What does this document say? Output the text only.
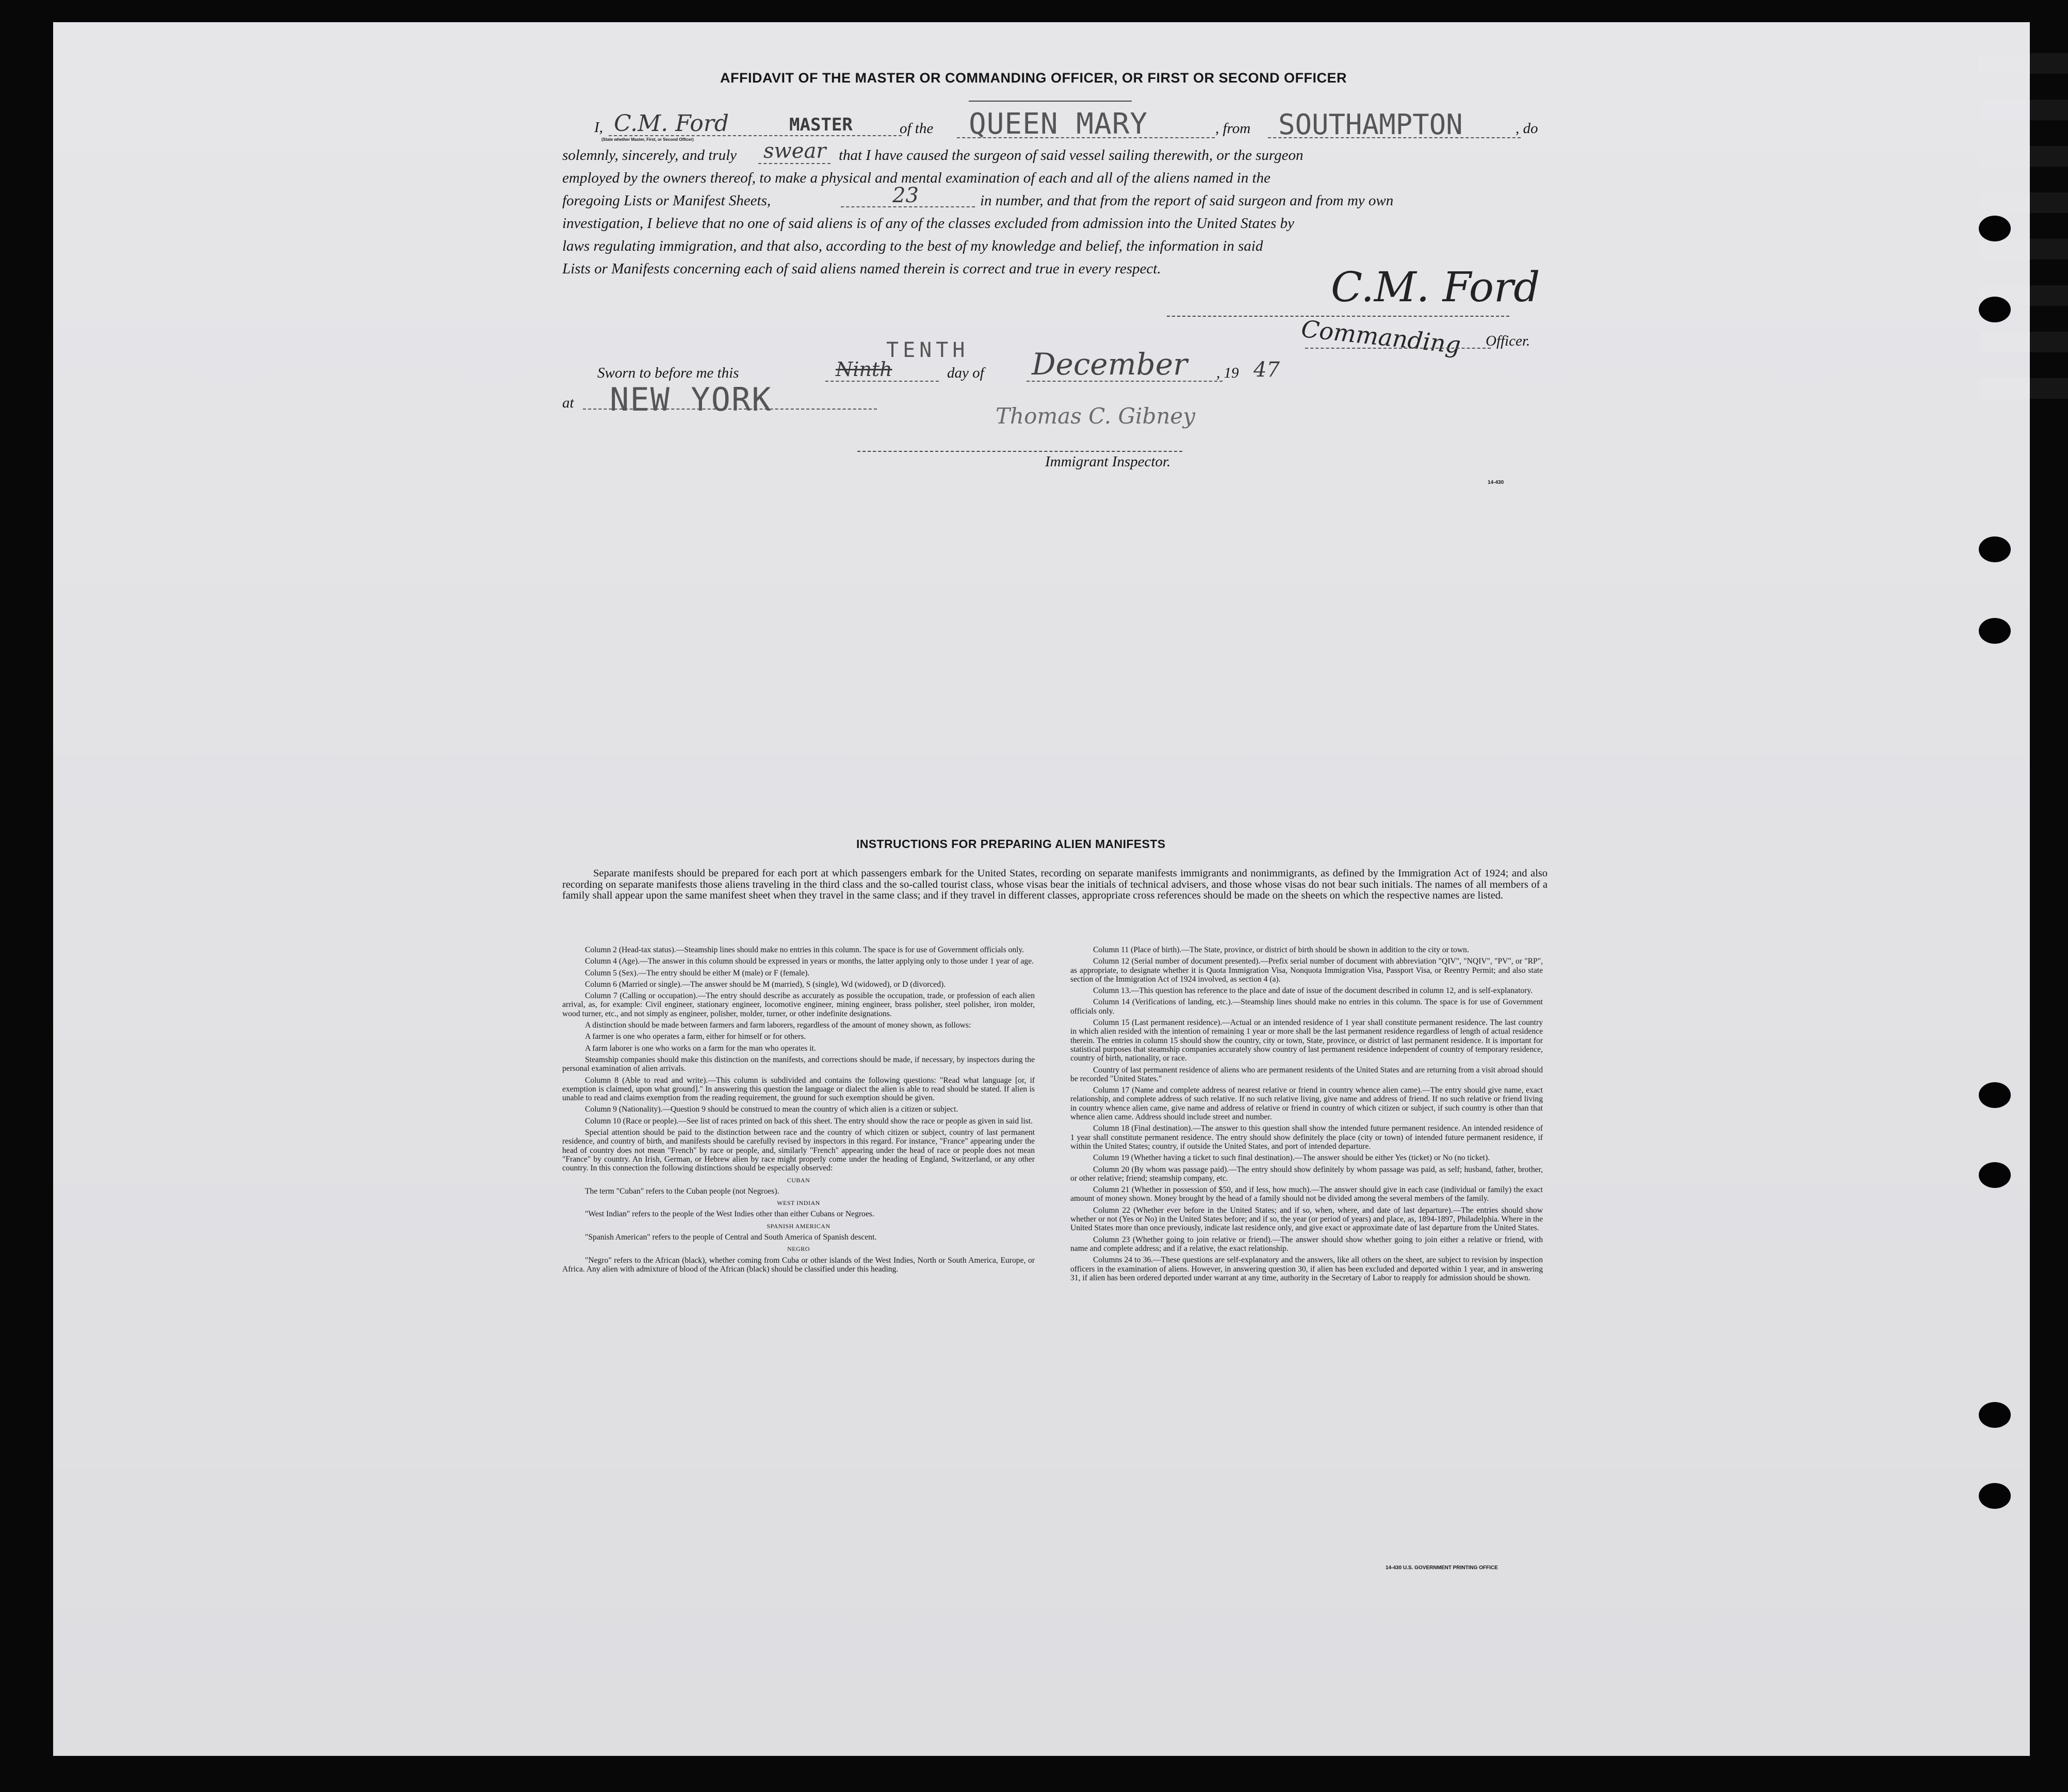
AFFIDAVIT OF THE MASTER OR COMMANDING OFFICER, OR FIRST OR SECOND OFFICER
I, C.M. Ford	MASTER
(State whether Master, First, or Second Officer)
of the QUEEN MARY	, from SOUTHAMPTON	, do
solemnly, sincerely, and truly swear that I have caused the surgeon of said vessel sailing therewith, or the surgeon
employed by the owners thereof, to make a physical and mental examination of each and all of the aliens named in the
foregoing Lists or Manifest Sheets,	23	in number, and that from the report of said surgeon and from my own
investigation, I believe that no one of said aliens is of any of the classes excluded from admission into the United States by
laws regulating immigration, and that also, according to the best of my knowledge and belief, the information in said
Lists or Manifests concerning each of said aliens named therein is correct and true in every respect.	C.M. Ford
Commanding Officer.
Sworn to before me this	Ninth
TENTH
day of December , 19 47
at NEW YORK	Thomas C. Gibney
Immigrant Inspector.
14-430
INSTRUCTIONS FOR PREPARING ALIEN MANIFESTS
Separate manifests should be prepared for each port at which passengers embark for the United States, recording on separate manifests immigrants and nonimmigrants, as defined by the Immigration Act of 1924; and also recording on separate manifests those aliens traveling in the third class and the so-called tourist class, whose visas bear the initials of technical advisers, and those whose visas do not bear such initials. The names of all members of a family shall appear upon the same manifest sheet when they travel in the same class; and if they travel in different classes, appropriate cross references should be made on the sheets on which the respective names are listed.

Column 2 (Head-tax status).—Steamship lines should make no entries in this column. The space is for use of Government officials only.

Column 4 (Age).—The answer in this column should be expressed in years or months, the latter applying only to those under 1 year of age.

Column 5 (Sex).—The entry should be either M (male) or F (female).

Column 6 (Married or single).—The answer should be M (married), S (single), Wd (widowed), or D (divorced).

Column 7 (Calling or occupation).—The entry should describe as accurately as possible the occupation, trade, or profession of each alien arrival, as, for example: Civil engineer, stationary engineer, locomotive engineer, mining engineer, brass polisher, steel polisher, iron molder, wood turner, etc., and not simply as engineer, polisher, molder, turner, or other indefinite designations.

A distinction should be made between farmers and farm laborers, regardless of the amount of money shown, as follows:

A farmer is one who operates a farm, either for himself or for others.

A farm laborer is one who works on a farm for the man who operates it.

Steamship companies should make this distinction on the manifests, and corrections should be made, if necessary, by inspectors during the personal examination of alien arrivals.

Column 8 (Able to read and write).—This column is subdivided and contains the following questions: "Read what language [or, if exemption is claimed, upon what ground]." In answering this question the language or dialect the alien is able to read should be stated. If alien is unable to read and claims exemption from the reading requirement, the ground for such exemption should be given.

Column 9 (Nationality).—Question 9 should be construed to mean the country of which alien is a citizen or subject.

Column 10 (Race or people).—See list of races printed on back of this sheet. The entry should show the race or people as given in said list.

Special attention should be paid to the distinction between race and the country of which citizen or subject, country of last permanent residence, and country of birth, and manifests should be carefully revised by inspectors in this regard. For instance, "France" appearing under the head of country does not mean "French" by race or people, and, similarly "French" appearing under the head of race or people does not mean "France" by country. An Irish, German, or Hebrew alien by race might properly come under the heading of England, Switzerland, or any other country. In this connection the following distinctions should be especially observed:

CUBAN

The term "Cuban" refers to the Cuban people (not Negroes).

WEST INDIAN

"West Indian" refers to the people of the West Indies other than either Cubans or Negroes.

SPANISH AMERICAN

"Spanish American" refers to the people of Central and South America of Spanish descent.

NEGRO

"Negro" refers to the African (black), whether coming from Cuba or other islands of the West Indies, North or South America, Europe, or Africa. Any alien with admixture of blood of the African (black) should be classified under this heading.

Column 11 (Place of birth).—The State, province, or district of birth should be shown in addition to the city or town.

Column 12 (Serial number of document presented).—Prefix serial number of document with abbreviation "QIV", "NQIV", "PV", or "RP", as appropriate, to designate whether it is Quota Immigration Visa, Nonquota Immigration Visa, Passport Visa, or Reentry Permit; and also state section of the Immigration Act of 1924 involved, as section 4 (a).

Column 13.—This question has reference to the place and date of issue of the document described in column 12, and is self-explanatory.

Column 14 (Verifications of landing, etc.).—Steamship lines should make no entries in this column. The space is for use of Government officials only.

Column 15 (Last permanent residence).—Actual or an intended residence of 1 year shall constitute permanent residence. The last country in which alien resided with the intention of remaining 1 year or more shall be the last permanent residence regardless of length of actual residence therein. The entries in column 15 should show the country, city or town, State, province, or district of last permanent residence. It is important for statistical purposes that steamship companies accurately show country of last permanent residence independent of country of temporary residence, country of birth, nationality, or race.

Country of last permanent residence of aliens who are permanent residents of the United States and are returning from a visit abroad should be recorded "United States."

Column 17 (Name and complete address of nearest relative or friend in country whence alien came).—The entry should give name, exact relationship, and complete address of such relative. If no such relative living, give name and address of friend. If no such relative or friend living in country whence alien came, give name and address of relative or friend in country of which citizen or subject, if such country is other than that whence alien came. Address should include street and number.

Column 18 (Final destination).—The answer to this question shall show the intended future permanent residence. An intended residence of 1 year shall constitute permanent residence. The entry should show definitely the place (city or town) of intended future permanent residence, if within the United States; country, if outside the United States, and port of intended departure.

Column 19 (Whether having a ticket to such final destination).—The answer should be either Yes (ticket) or No (no ticket).

Column 20 (By whom was passage paid).—The entry should show definitely by whom passage was paid, as self; husband, father, brother, or other relative; friend; steamship company, etc.

Column 21 (Whether in possession of $50, and if less, how much).—The answer should give in each case (individual or family) the exact amount of money shown. Money brought by the head of a family should not be divided among the several members of the family.

Column 22 (Whether ever before in the United States; and if so, when, where, and date of last departure).—The entries should show whether or not (Yes or No) in the United States before; and if so, the year (or period of years) and place, as, 1894-1897, Philadelphia. Where in the United States more than once previously, indicate last residence only, and give exact or approximate date of last departure from the United States.

Column 23 (Whether going to join relative or friend).—The answer should show whether going to join either a relative or friend, with name and complete address; and if a relative, the exact relationship.

Columns 24 to 36.—These questions are self-explanatory and the answers, like all others on the sheet, are subject to revision by inspection officers in the examination of aliens. However, in answering question 30, if alien has been excluded and deported within 1 year, and in answering 31, if alien has been ordered deported under warrant at any time, authority in the Secretary of Labor to reapply for admission should be shown.

14-430 U.S. GOVERNMENT PRINTING OFFICE
